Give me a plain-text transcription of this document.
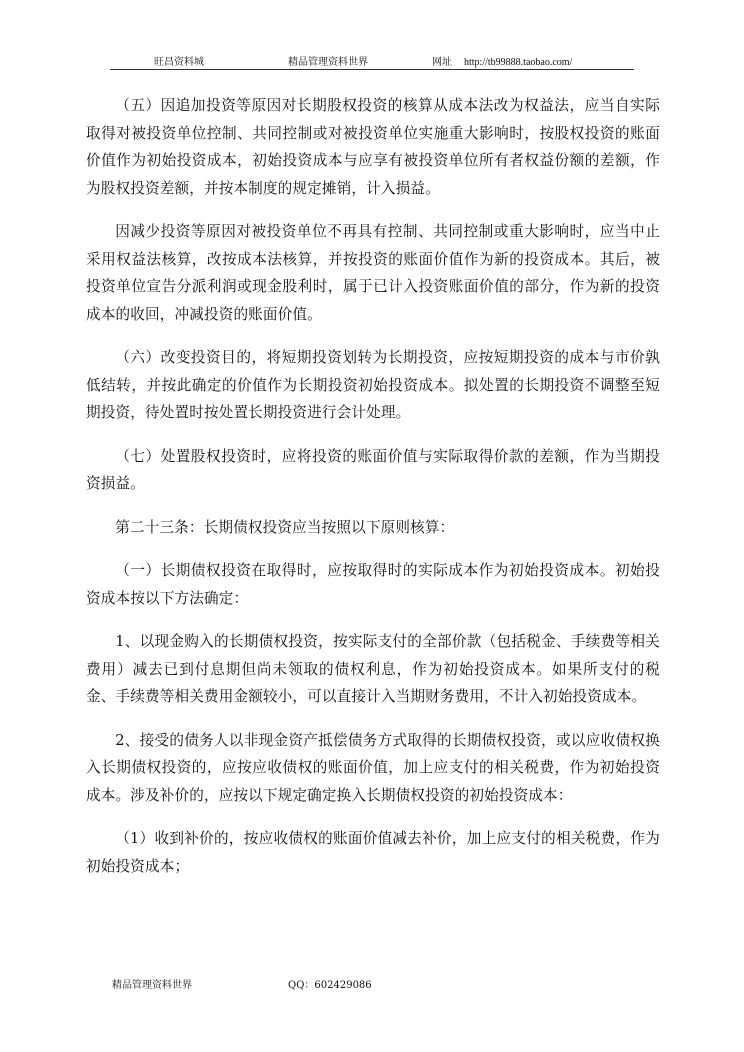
旺昌资料城	精品管理资料世界	网址 http://tb99888.taobao.com/

（五）因追加投资等原因对长期股权投资的核算从成本法改为权益法，应当自实际取得对被投资单位控制、共同控制或对被投资单位实施重大影响时，按股权投资的账面价值作为初始投资成本，初始投资成本与应享有被投资单位所有者权益份额的差额，作为股权投资差额，并按本制度的规定摊销，计入损益。

因减少投资等原因对被投资单位不再具有控制、共同控制或重大影响时，应当中止采用权益法核算，改按成本法核算，并按投资的账面价值作为新的投资成本。其后，被投资单位宣告分派利润或现金股利时，属于已计入投资账面价值的部分，作为新的投资成本的收回，冲减投资的账面价值。

（六）改变投资目的，将短期投资划转为长期投资，应按短期投资的成本与市价孰低结转，并按此确定的价值作为长期投资初始投资成本。拟处置的长期投资不调整至短期投资，待处置时按处置长期投资进行会计处理。

（七）处置股权投资时，应将投资的账面价值与实际取得价款的差额，作为当期投资损益。

第二十三条：长期债权投资应当按照以下原则核算：

（一）长期债权投资在取得时，应按取得时的实际成本作为初始投资成本。初始投资成本按以下方法确定：

1、以现金购入的长期债权投资，按实际支付的全部价款（包括税金、手续费等相关费用）减去已到付息期但尚未领取的债权利息，作为初始投资成本。如果所支付的税金、手续费等相关费用金额较小，可以直接计入当期财务费用，不计入初始投资成本。

2、接受的债务人以非现金资产抵偿债务方式取得的长期债权投资，或以应收债权换入长期债权投资的，应按应收债权的账面价值，加上应支付的相关税费，作为初始投资成本。涉及补价的，应按以下规定确定换入长期债权投资的初始投资成本：

（1）收到补价的，按应收债权的账面价值减去补价，加上应支付的相关税费，作为初始投资成本；

精品管理资料世界	QQ：602429086
